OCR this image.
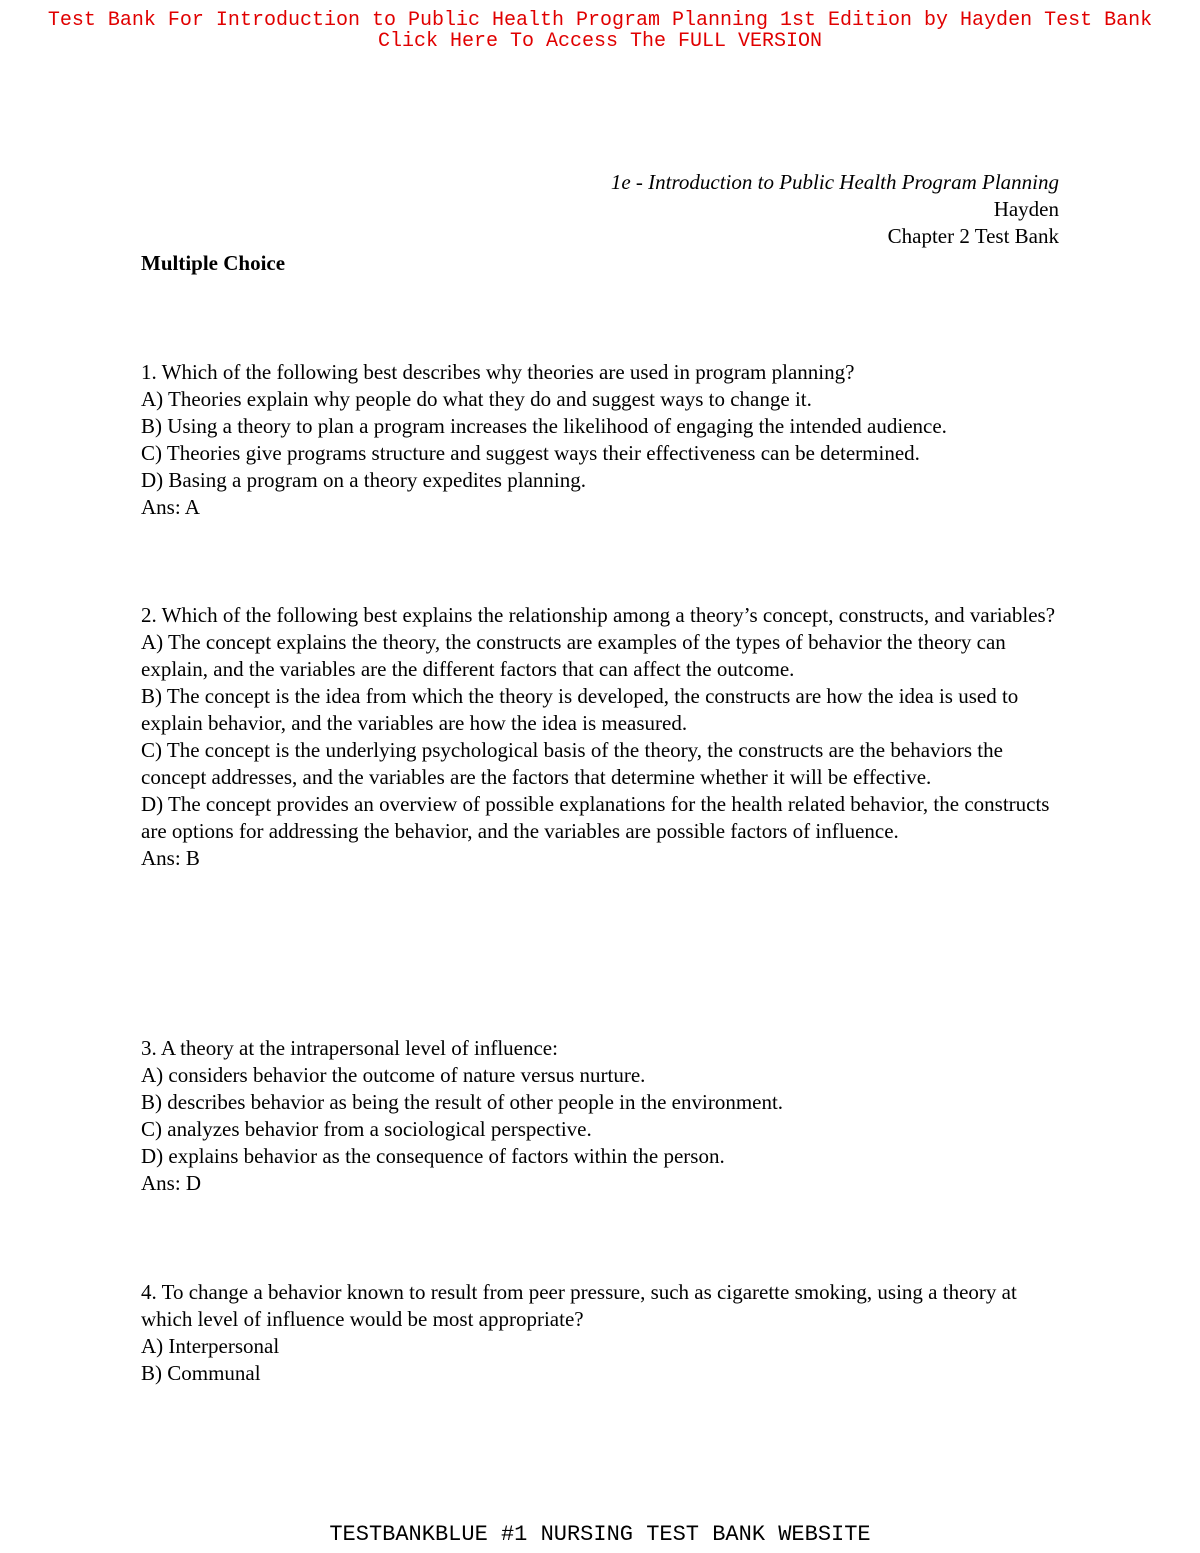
Test Bank For Introduction to Public Health Program Planning 1st Edition by Hayden Test Bank Click Here To Access The FULL VERSION
1e - Introduction to Public Health Program Planning
Hayden
Chapter 2 Test Bank
Multiple Choice
1. Which of the following best describes why theories are used in program planning?
A) Theories explain why people do what they do and suggest ways to change it.
B) Using a theory to plan a program increases the likelihood of engaging the intended audience.
C) Theories give programs structure and suggest ways their effectiveness can be determined.
D) Basing a program on a theory expedites planning.
Ans: A
2. Which of the following best explains the relationship among a theory’s concept, constructs, and variables?
A) The concept explains the theory, the constructs are examples of the types of behavior the theory can explain, and the variables are the different factors that can affect the outcome.
B) The concept is the idea from which the theory is developed, the constructs are how the idea is used to explain behavior, and the variables are how the idea is measured.
C) The concept is the underlying psychological basis of the theory, the constructs are the behaviors the concept addresses, and the variables are the factors that determine whether it will be effective.
D) The concept provides an overview of possible explanations for the health related behavior, the constructs are options for addressing the behavior, and the variables are possible factors of influence.
Ans: B
3. A theory at the intrapersonal level of influence:
A) considers behavior the outcome of nature versus nurture.
B) describes behavior as being the result of other people in the environment.
C) analyzes behavior from a sociological perspective.
D) explains behavior as the consequence of factors within the person.
Ans: D
4. To change a behavior known to result from peer pressure, such as cigarette smoking, using a theory at which level of influence would be most appropriate?
A) Interpersonal
B) Communal
TESTBANKBLUE #1 NURSING TEST BANK WEBSITE
